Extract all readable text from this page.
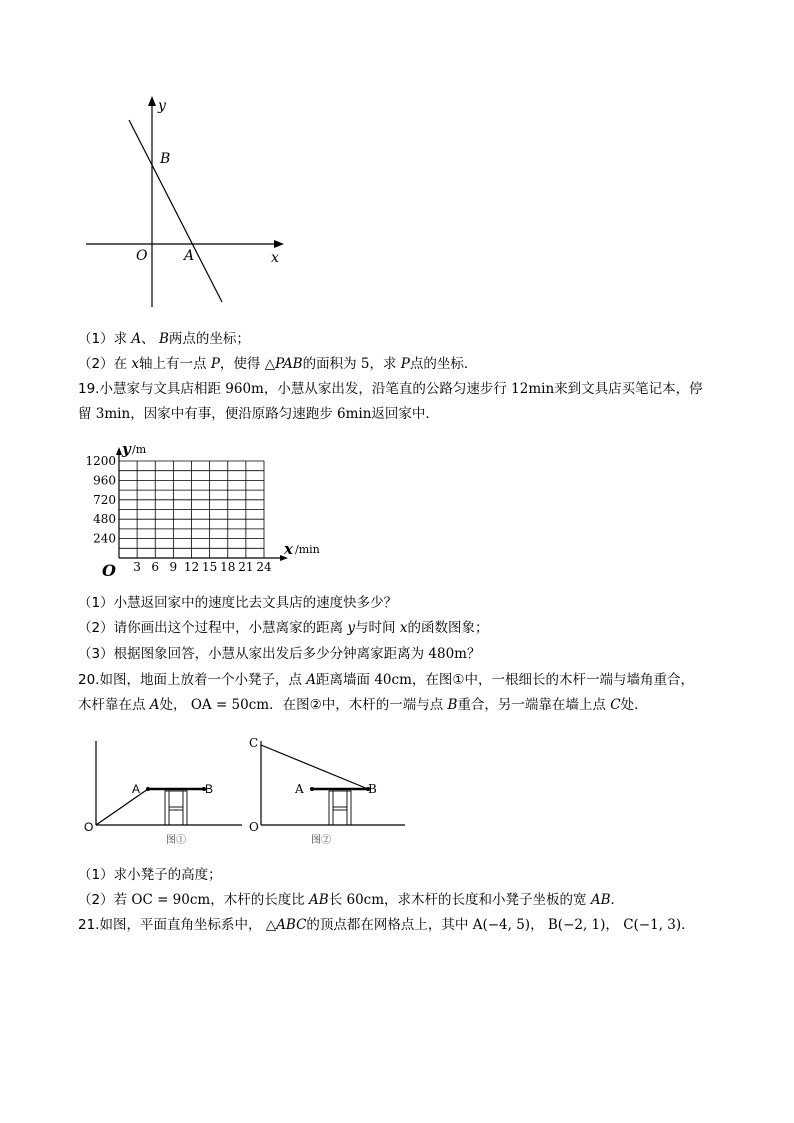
y
B
O	A	x
（1）求 A、 B两点的坐标；
（2）在 x轴上有一点 P，使得 △PAB的面积为 5，求 P点的坐标．
19.小慧家与文具店相距 960m，小慧从家出发，沿笔直的公路匀速步行 12min来到文具店买笔记本，停
留 3min，因家中有事，便沿原路匀速跑步 6min返回家中．
3 6 9 12 15 18 21 24
240
480
720
960
1200
y /m
x /min
O
（1）小慧返回家中的速度比去文具店的速度快多少？
（2）请你画出这个过程中，小慧离家的距离 y与时间 x的函数图象；
（3）根据图象回答，小慧从家出发后多少分钟离家距离为 480m？
20.如图，地面上放着一个小凳子，点 A距离墙面 40cm，在图①中，一根细长的木杆一端与墙角重合，
木杆靠在点 A处， OA = 50cm．在图②中，木杆的一端与点 B重合，另一端靠在墙上点 C处．
A	B
O
图①
C
A	B
O
图②
（1）求小凳子的高度；
（2）若 OC = 90cm，木杆的长度比 AB长 60cm，求木杆的长度和小凳子坐板的宽 AB．
21.如图，平面直角坐标系中， △ABC的顶点都在网格点上，其中 A(−4, 5)， B(−2, 1)， C(−1, 3)．
